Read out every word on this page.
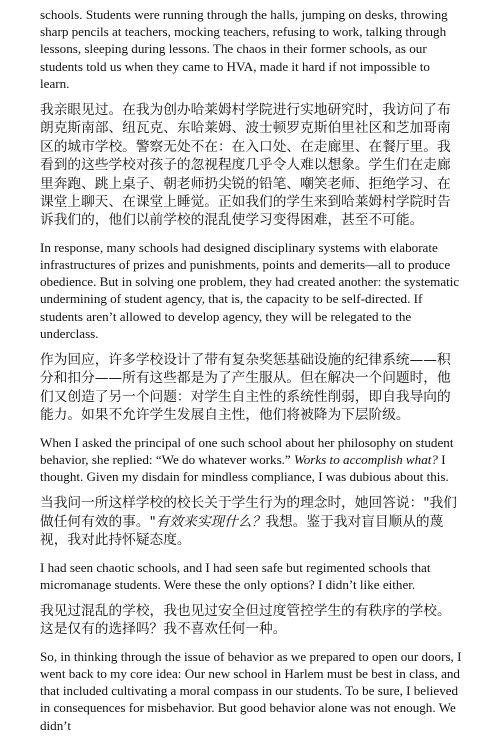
schools. Students were running through the halls, jumping on desks, throwing sharp pencils at teachers, mocking teachers, refusing to work, talking through lessons, sleeping during lessons. The chaos in their former schools, as our students told us when they came to HVA, made it hard if not impossible to learn.

我亲眼见过。在我为创办哈莱姆村学院进行实地研究时，我访问了布朗克斯南部、纽瓦克、东哈莱姆、波士顿罗克斯伯里社区和芝加哥南区的城市学校。警察无处不在：在入口处、在走廊里、在餐厅里。我看到的这些学校对孩子的忽视程度几乎令人难以想象。学生们在走廊里奔跑、跳上桌子、朝老师扔尖锐的铅笔、嘲笑老师、拒绝学习、在课堂上聊天、在课堂上睡觉。正如我们的学生来到哈莱姆村学院时告诉我们的，他们以前学校的混乱使学习变得困难，甚至不可能。

In response, many schools had designed disciplinary systems with elaborate infrastructures of prizes and punishments, points and demerits—all to produce obedience. But in solving one problem, they had created another: the systematic undermining of student agency, that is, the capacity to be self-directed. If students aren’t allowed to develop agency, they will be relegated to the underclass.

作为回应，许多学校设计了带有复杂奖惩基础设施的纪律系统——积分和扣分——所有这些都是为了产生服从。但在解决一个问题时，他们又创造了另一个问题：对学生自主性的系统性削弱，即自我导向的能力。如果不允许学生发展自主性，他们将被降为下层阶级。

When I asked the principal of one such school about her philosophy on student behavior, she replied: “We do whatever works.” Works to accomplish what? I thought. Given my disdain for mindless compliance, I was dubious about this.

当我问一所这样学校的校长关于学生行为的理念时，她回答说："我们做任何有效的事。"有效来实现什么？我想。鉴于我对盲目顺从的蔑视，我对此持怀疑态度。

I had seen chaotic schools, and I had seen safe but regimented schools that micromanage students. Were these the only options? I didn’t like either.

我见过混乱的学校，我也见过安全但过度管控学生的有秩序的学校。这是仅有的选择吗？我不喜欢任何一种。

So, in thinking through the issue of behavior as we prepared to open our doors, I went back to my core idea: Our new school in Harlem must be best in class, and that included cultivating a moral compass in our students. To be sure, I believed in consequences for misbehavior. But good behavior alone was not enough. We didn’t
